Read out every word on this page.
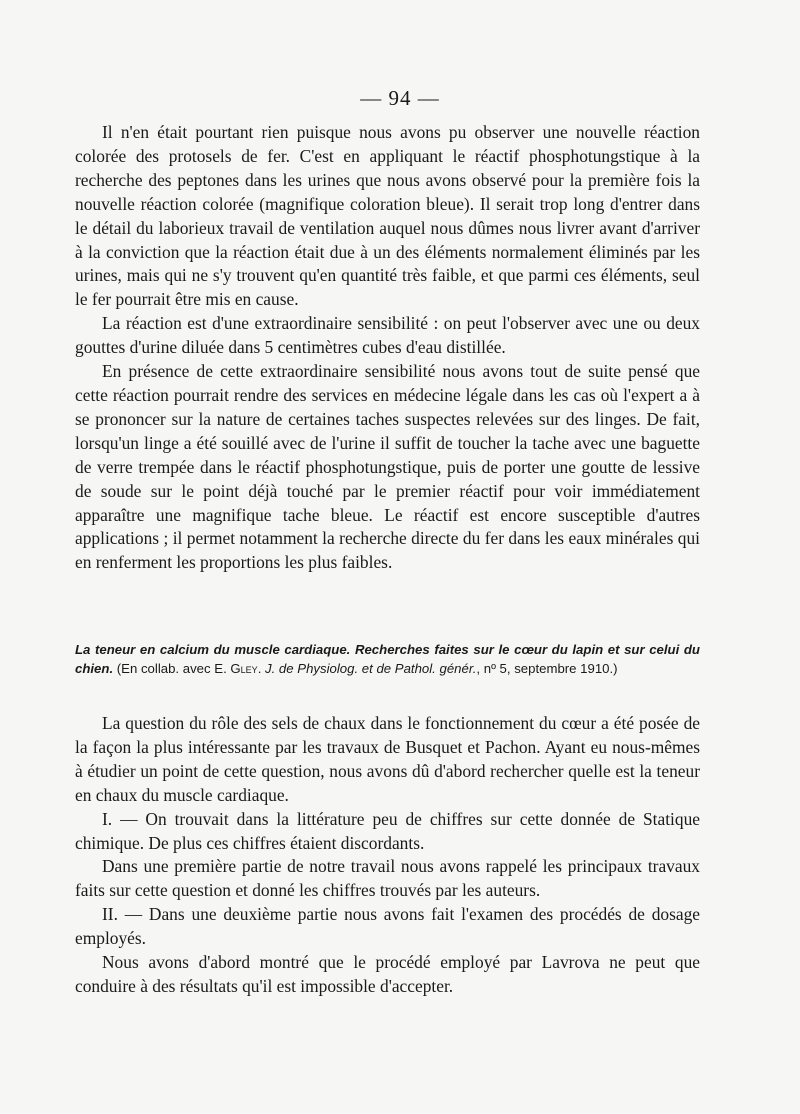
— 94 —

Il n'en était pourtant rien puisque nous avons pu observer une nouvelle réaction colorée des protosels de fer. C'est en appliquant le réactif phosphotungstique à la recherche des peptones dans les urines que nous avons observé pour la première fois la nouvelle réaction colorée (magnifique coloration bleue). Il serait trop long d'entrer dans le détail du laborieux travail de ventilation auquel nous dûmes nous livrer avant d'arriver à la conviction que la réaction était due à un des éléments normalement éliminés par les urines, mais qui ne s'y trouvent qu'en quantité très faible, et que parmi ces éléments, seul le fer pourrait être mis en cause.

La réaction est d'une extraordinaire sensibilité : on peut l'observer avec une ou deux gouttes d'urine diluée dans 5 centimètres cubes d'eau distillée.

En présence de cette extraordinaire sensibilité nous avons tout de suite pensé que cette réaction pourrait rendre des services en médecine légale dans les cas où l'expert a à se prononcer sur la nature de certaines taches suspectes relevées sur des linges. De fait, lorsqu'un linge a été souillé avec de l'urine il suffit de toucher la tache avec une baguette de verre trempée dans le réactif phosphotungstique, puis de porter une goutte de lessive de soude sur le point déjà touché par le premier réactif pour voir immédiatement apparaître une magnifique tache bleue. Le réactif est encore susceptible d'autres applications ; il permet notamment la recherche directe du fer dans les eaux minérales qui en renferment les proportions les plus faibles.

La teneur en calcium du muscle cardiaque. Recherches faites sur le cœur du lapin et sur celui du chien. (En collab. avec E. Gley. J. de Physiolog. et de Pathol. génér., nº 5, septembre 1910.)

La question du rôle des sels de chaux dans le fonctionnement du cœur a été posée de la façon la plus intéressante par les travaux de Busquet et Pachon. Ayant eu nous-mêmes à étudier un point de cette question, nous avons dû d'abord rechercher quelle est la teneur en chaux du muscle cardiaque.

I. — On trouvait dans la littérature peu de chiffres sur cette donnée de Statique chimique. De plus ces chiffres étaient discordants.

Dans une première partie de notre travail nous avons rappelé les principaux travaux faits sur cette question et donné les chiffres trouvés par les auteurs.

II. — Dans une deuxième partie nous avons fait l'examen des procédés de dosage employés.

Nous avons d'abord montré que le procédé employé par Lavrova ne peut que conduire à des résultats qu'il est impossible d'accepter.
